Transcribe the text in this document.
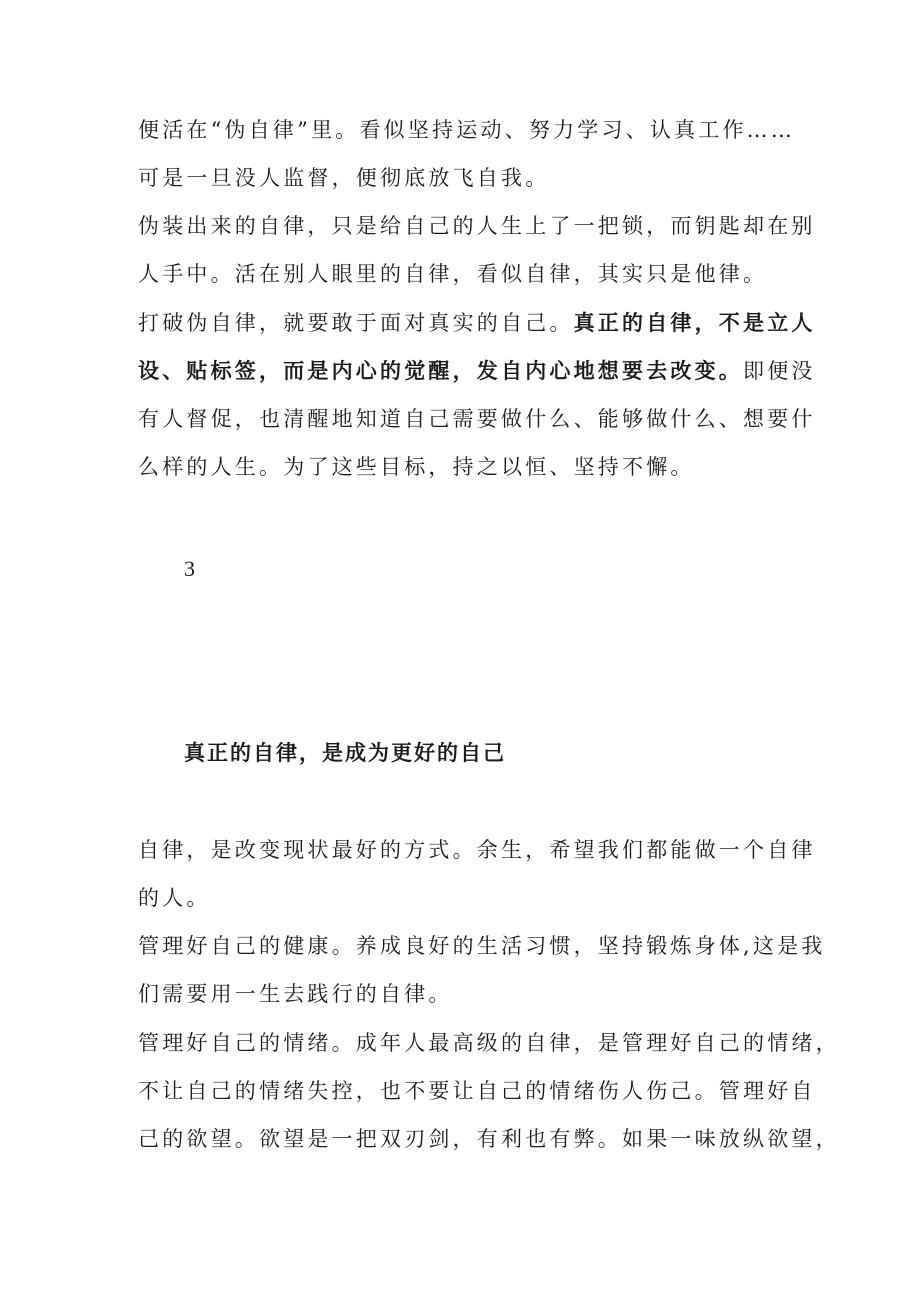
便活在“伪自律”里。看似坚持运动、努力学习、认真工作……

可是一旦没人监督，便彻底放飞自我。

伪装出来的自律，只是给自己的人生上了一把锁，而钥匙却在别

人手中。活在别人眼里的自律，看似自律，其实只是他律。

打破伪自律，就要敢于面对真实的自己。真正的自律，不是立人

设、贴标签，而是内心的觉醒，发自内心地想要去改变。即便没

有人督促，也清醒地知道自己需要做什么、能够做什么、想要什

么样的人生。为了这些目标，持之以恒、坚持不懈。

3
真正的自律，是成为更好的自己

自律，是改变现状最好的方式。余生，希望我们都能做一个自律

的人。

管理好自己的健康。养成良好的生活习惯，坚持锻炼身体,这是我

们需要用一生去践行的自律。

管理好自己的情绪。成年人最高级的自律，是管理好自己的情绪，

不让自己的情绪失控，也不要让自己的情绪伤人伤己。管理好自

己的欲望。欲望是一把双刃剑，有利也有弊。如果一味放纵欲望，
